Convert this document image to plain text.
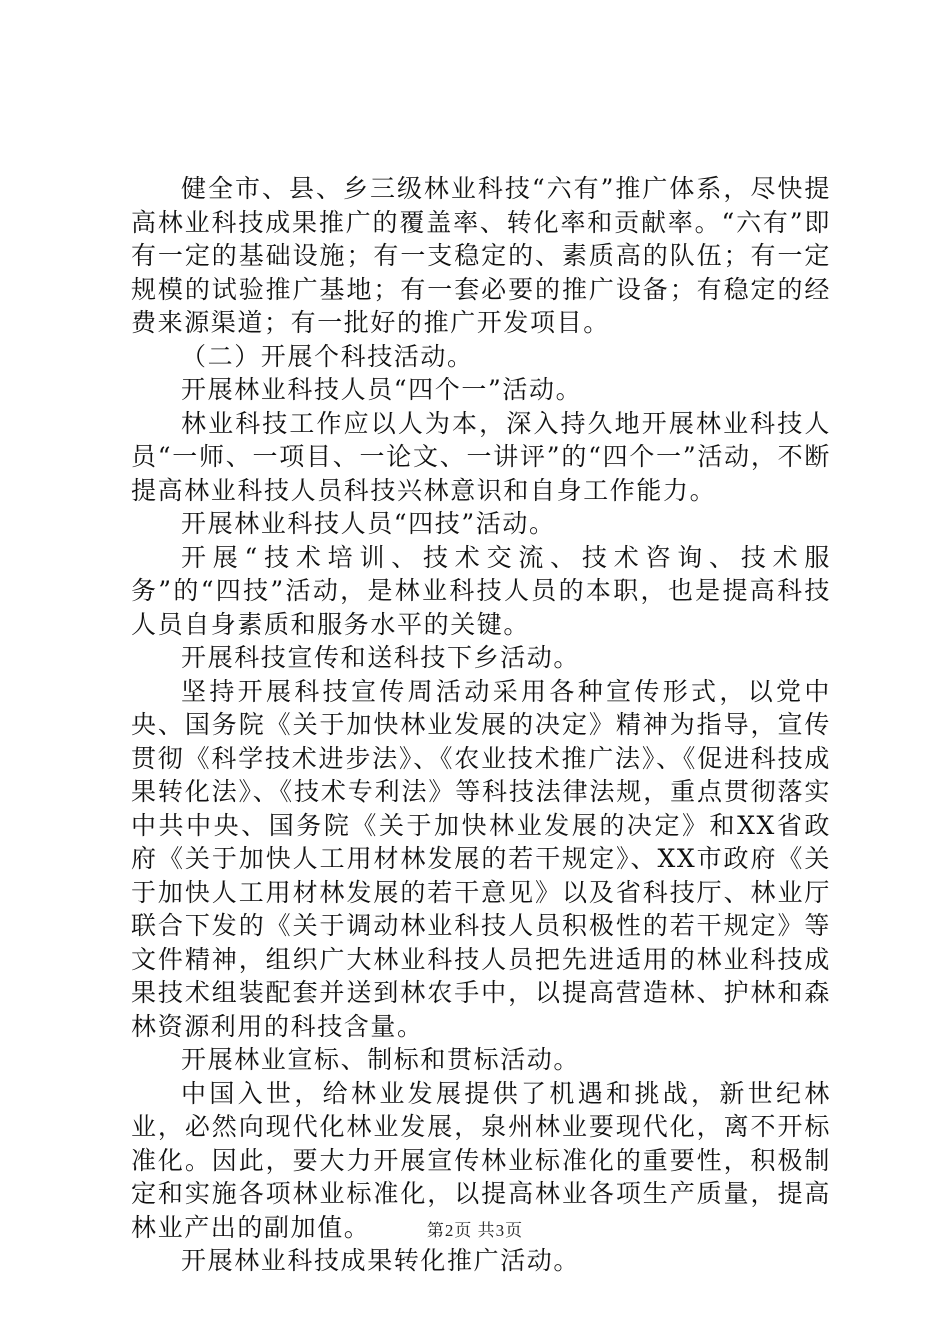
健全市、县、乡三级林业科技“六有”推广体系，尽快提高林业科技成果推广的覆盖率、转化率和贡献率。“六有”即有一定的基础设施；有一支稳定的、素质高的队伍；有一定规模的试验推广基地；有一套必要的推广设备；有稳定的经费来源渠道；有一批好的推广开发项目。

（二）开展个科技活动。

开展林业科技人员“四个一”活动。

林业科技工作应以人为本，深入持久地开展林业科技人员“一师、一项目、一论文、一讲评”的“四个一”活动，不断提高林业科技人员科技兴林意识和自身工作能力。

开展林业科技人员“四技”活动。

开展“技术培训、技术交流、技术咨询、技术服务”的“四技”活动，是林业科技人员的本职，也是提高科技人员自身素质和服务水平的关键。

开展科技宣传和送科技下乡活动。

坚持开展科技宣传周活动采用各种宣传形式，以党中央、国务院《关于加快林业发展的决定》精神为指导，宣传贯彻《科学技术进步法》、《农业技术推广法》、《促进科技成果转化法》、《技术专利法》等科技法律法规，重点贯彻落实中共中央、国务院《关于加快林业发展的决定》和XX省政府《关于加快人工用材林发展的若干规定》、XX市政府《关于加快人工用材林发展的若干意见》以及省科技厅、林业厅联合下发的《关于调动林业科技人员积极性的若干规定》等文件精神，组织广大林业科技人员把先进适用的林业科技成果技术组装配套并送到林农手中，以提高营造林、护林和森林资源利用的科技含量。

开展林业宣标、制标和贯标活动。

中国入世，给林业发展提供了机遇和挑战，新世纪林业，必然向现代化林业发展，泉州林业要现代化，离不开标准化。因此，要大力开展宣传林业标准化的重要性，积极制定和实施各项林业标准化，以提高林业各项生产质量，提高林业产出的副加值。

开展林业科技成果转化推广活动。

第2页 共3页
